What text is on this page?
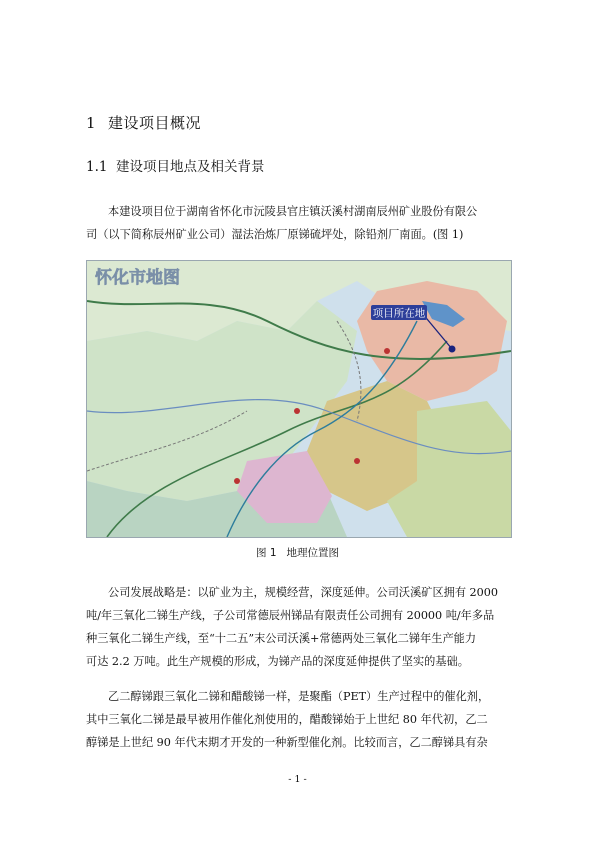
1 建设项目概况
1.1 建设项目地点及相关背景
本建设项目位于湖南省怀化市沅陵县官庄镇沃溪村湖南辰州矿业股份有限公
司（以下简称辰州矿业公司）湿法治炼厂原锑硫坪处，除铅剂厂南面。(图 1)
项目所在地
怀化市地图
图 1 地理位置图
公司发展战略是：以矿业为主，规模经营，深度延伸。公司沃溪矿区拥有 2000
吨/年三氧化二锑生产线，子公司常德辰州锑品有限责任公司拥有 20000 吨/年多品
种三氧化二锑生产线，至“十二五”末公司沃溪+常德两处三氧化二锑年生产能力
可达 2.2 万吨。此生产规模的形成，为锑产品的深度延伸提供了坚实的基础。
乙二醇锑跟三氧化二锑和醋酸锑一样，是聚酯（PET）生产过程中的催化剂，
其中三氧化二锑是最早被用作催化剂使用的，醋酸锑始于上世纪 80 年代初，乙二
醇锑是上世纪 90 年代末期才开发的一种新型催化剂。比较而言，乙二醇锑具有杂
- 1 -
